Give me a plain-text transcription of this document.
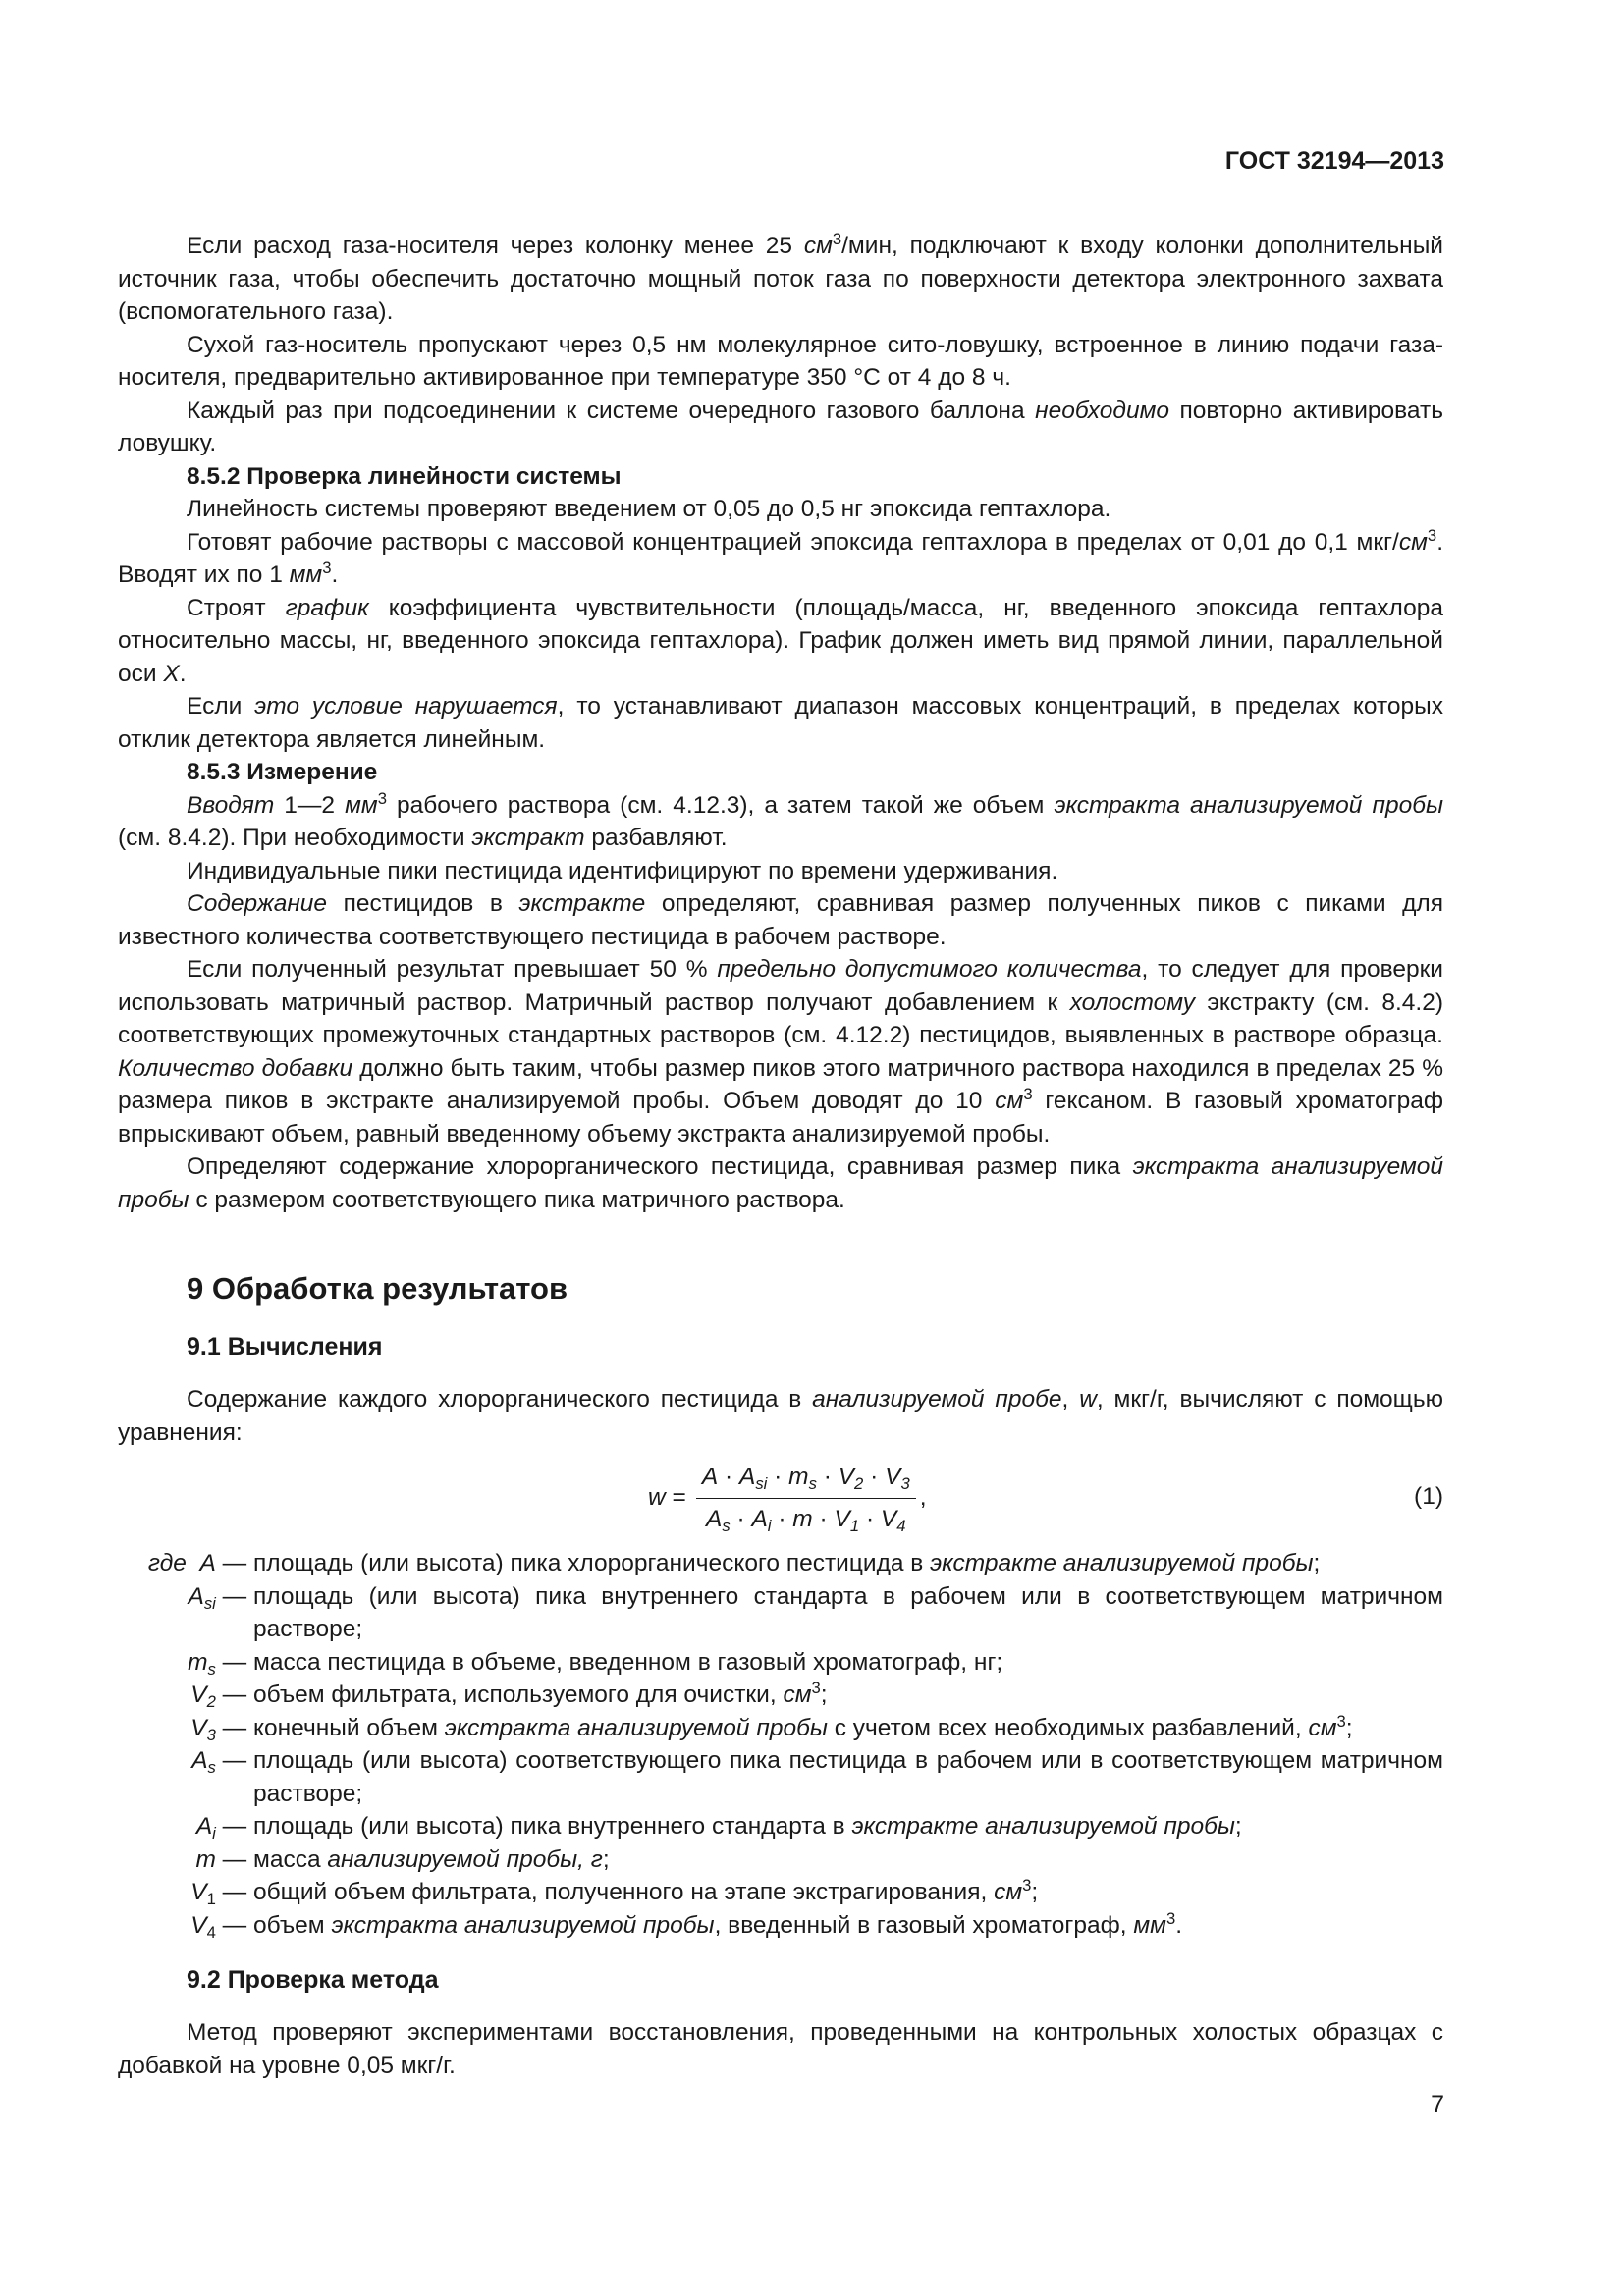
ГОСТ 32194—2013

Если расход газа-носителя через колонку менее 25 $см^3$/мин, подключают к входу колонки дополнительный источник газа, чтобы обеспечить достаточно мощный поток газа по поверхности детектора электронного захвата (вспомогательного газа).

Сухой газ-носитель пропускают через 0,5 нм молекулярное сито-ловушку, встроенное в линию подачи газа-носителя, предварительно активированное при температуре 350 °С от 4 до 8 ч.

Каждый раз при подсоединении к системе очередного газового баллона необходимо повторно активировать ловушку.

8.5.2 Проверка линейности системы

Линейность системы проверяют введением от 0,05 до 0,5 нг эпоксида гептахлора.

Готовят рабочие растворы с массовой концентрацией эпоксида гептахлора в пределах от 0,01 до 0,1 мкг/$см^3$. Вводят их по 1 $мм^3$.

Строят график коэффициента чувствительности (площадь/масса, нг, введенного эпоксида гептахлора относительно массы, нг, введенного эпоксида гептахлора). График должен иметь вид прямой линии, параллельной оси X.

Если это условие нарушается, то устанавливают диапазон массовых концентраций, в пределах которых отклик детектора является линейным.

8.5.3 Измерение

Вводят 1—2 $мм^3$ рабочего раствора (см. 4.12.3), а затем такой же объем экстракта анализируемой пробы (см. 8.4.2). При необходимости экстракт разбавляют.

Индивидуальные пики пестицида идентифицируют по времени удерживания.

Содержание пестицидов в экстракте определяют, сравнивая размер полученных пиков с пиками для известного количества соответствующего пестицида в рабочем растворе.

Если полученный результат превышает 50 % предельно допустимого количества, то следует для проверки использовать матричный раствор. Матричный раствор получают добавлением к холостому экстракту (см. 8.4.2) соответствующих промежуточных стандартных растворов (см. 4.12.2) пестицидов, выявленных в растворе образца. Количество добавки должно быть таким, чтобы размер пиков этого матричного раствора находился в пределах 25 % размера пиков в экстракте анализируемой пробы. Объем доводят до 10 $см^3$ гексаном. В газовый хроматограф впрыскивают объем, равный введенному объему экстракта анализируемой пробы.

Определяют содержание хлорорганического пестицида, сравнивая размер пика экстракта анализируемой пробы с размером соответствующего пика матричного раствора.

9 Обработка результатов
9.1 Вычисления

Содержание каждого хлорорганического пестицида в анализируемой пробе, w, мкг/г, вычисляют с помощью уравнения:

$w = \frac{A \cdot A_{si} \cdot m_s \cdot V_2 \cdot V_3}{A_s \cdot A_i \cdot m \cdot V_1 \cdot V_4}$ ,	(1)
где A — площадь (или высота) пика хлорорганического пестицида в экстракте анализируемой пробы;
$A_{si}$ — площадь (или высота) пика внутреннего стандарта в рабочем или в соответствующем матричном растворе;
$m_s$ — масса пестицида в объеме, введенном в газовый хроматограф, нг;
$V_2$ — объем фильтрата, используемого для очистки, $см^3$;
$V_3$ — конечный объем экстракта анализируемой пробы с учетом всех необходимых разбавлений, $см^3$;
$A_s$ — площадь (или высота) соответствующего пика пестицида в рабочем или в соответствующем матричном растворе;
$A_i$ — площадь (или высота) пика внутреннего стандарта в экстракте анализируемой пробы;
m — масса анализируемой пробы, г;
$V_1$ — общий объем фильтрата, полученного на этапе экстрагирования, $см^3$;
$V_4$ — объем экстракта анализируемой пробы, введенный в газовый хроматограф, $мм^3$.
9.2 Проверка метода

Метод проверяют экспериментами восстановления, проведенными на контрольных холостых образцах с добавкой на уровне 0,05 мкг/г.

7
